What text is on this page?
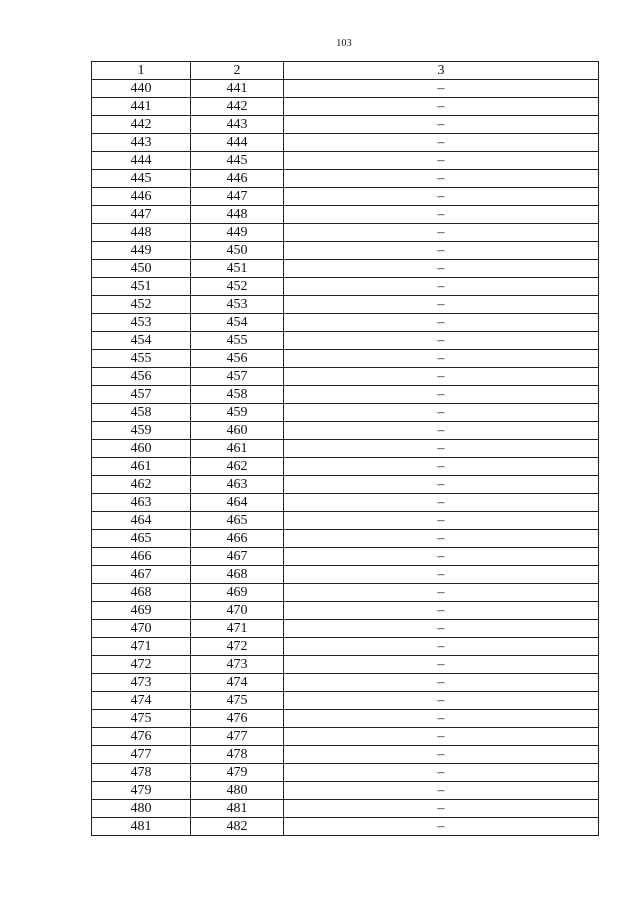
103
1	2	3
440	441	–
441	442	–
442	443	–
443	444	–
444	445	–
445	446	–
446	447	–
447	448	–
448	449	–
449	450	–
450	451	–
451	452	–
452	453	–
453	454	–
454	455	–
455	456	–
456	457	–
457	458	–
458	459	–
459	460	–
460	461	–
461	462	–
462	463	–
463	464	–
464	465	–
465	466	–
466	467	–
467	468	–
468	469	–
469	470	–
470	471	–
471	472	–
472	473	–
473	474	–
474	475	–
475	476	–
476	477	–
477	478	–
478	479	–
479	480	–
480	481	–
481	482	–
